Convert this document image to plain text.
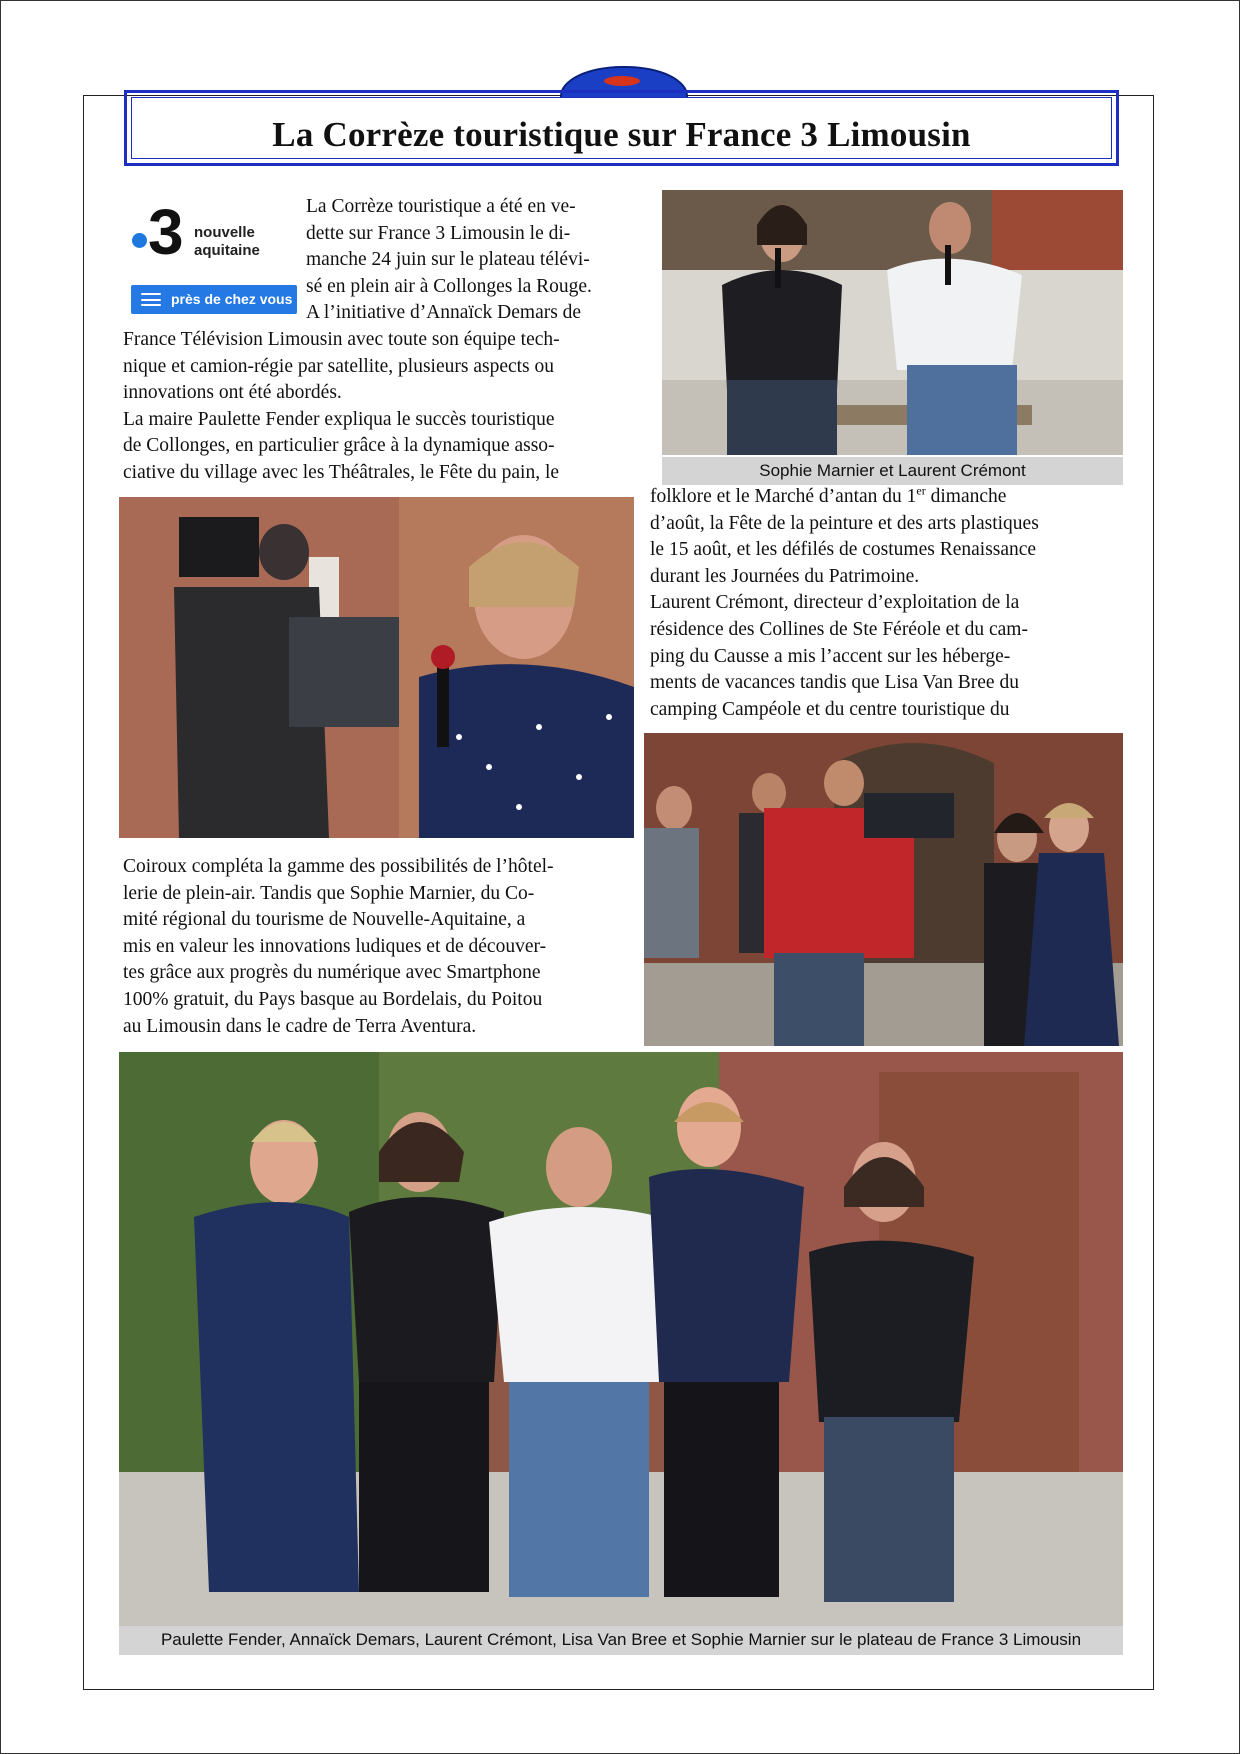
La Corrèze touristique sur France 3 Limousin
3 nouvelle
aquitaine
près de chez vous

La Corrèze touristique a été en ve-

dette sur France 3 Limousin le di-

manche 24 juin sur le plateau télévi-

sé en plein air à Collonges la Rouge.

A l’initiative d’Annaïck Demars de

France Télévision Limousin avec toute son équipe tech-

nique et camion-régie par satellite, plusieurs aspects ou

innovations ont été abordés.

La maire Paulette Fender expliqua le succès touristique

de Collonges, en particulier grâce à la dynamique asso-

ciative du village avec les Théâtrales, le Fête du pain, le	Sophie Marnier et Laurent Crémont

folklore et le Marché d’antan du 1er dimanche

d’août, la Fête de la peinture et des arts plastiques

le 15 août, et les défilés de costumes Renaissance

durant les Journées du Patrimoine.

Laurent Crémont, directeur d’exploitation de la

résidence des Collines de Ste Féréole et du cam-

ping du Causse a mis l’accent sur les héberge-

ments de vacances tandis que Lisa Van Bree du

camping Campéole et du centre touristique du

Coiroux compléta la gamme des possibilités de l’hôtel-

lerie de plein-air. Tandis que Sophie Marnier, du Co-

mité régional du tourisme de Nouvelle-Aquitaine, a

mis en valeur les innovations ludiques et de découver-

tes grâce aux progrès du numérique avec Smartphone

100% gratuit, du Pays basque au Bordelais, du Poitou

au Limousin dans le cadre de Terra Aventura.

Paulette Fender, Annaïck Demars, Laurent Crémont, Lisa Van Bree et Sophie Marnier sur le plateau de France 3 Limousin
